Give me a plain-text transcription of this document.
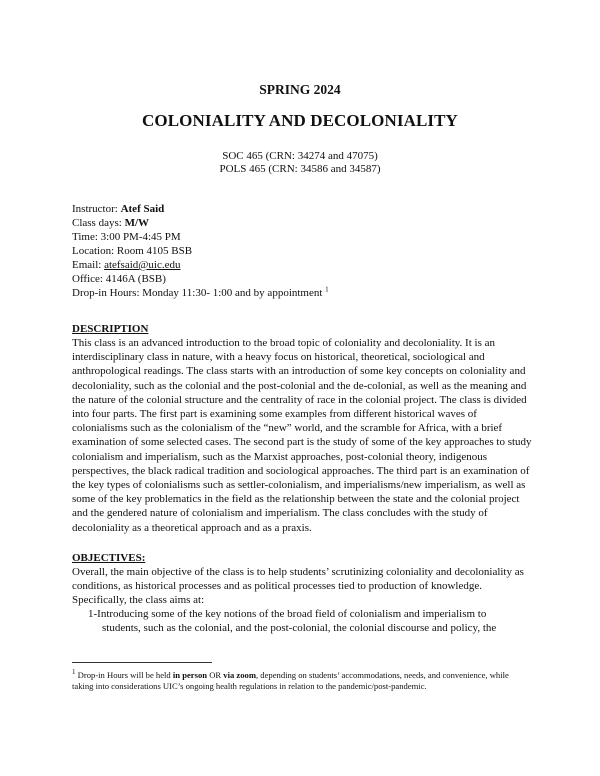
SPRING 2024
COLONIALITY AND DECOLONIALITY
SOC 465 (CRN: 34274 and 47075)
POLS 465 (CRN: 34586 and 34587)
Instructor: Atef Said
Class days: M/W
Time: 3:00 PM-4:45 PM
Location: Room 4105 BSB
Email: atefsaid@uic.edu
Office: 4146A (BSB)
Drop-in Hours: Monday 11:30- 1:00 and by appointment $^1$
DESCRIPTION
This class is an advanced introduction to the broad topic of coloniality and decoloniality. It is an interdisciplinary class in nature, with a heavy focus on historical, theoretical, sociological and anthropological readings. The class starts with an introduction of some key concepts on coloniality and decoloniality, such as the colonial and the post-colonial and the de-colonial, as well as the meaning and the nature of the colonial structure and the centrality of race in the colonial project. The class is divided into four parts. The first part is examining some examples from different historical waves of colonialisms such as the colonialism of the “new” world, and the scramble for Africa, with a brief examination of some selected cases. The second part is the study of some of the key approaches to study colonialism and imperialism, such as the Marxist approaches, post-colonial theory, indigenous perspectives, the black radical tradition and sociological approaches. The third part is an examination of the key types of colonialisms such as settler-colonialism, and imperialisms/new imperialism, as well as some of the key problematics in the field as the relationship between the state and the colonial project and the gendered nature of colonialism and imperialism. The class concludes with the study of decoloniality as a theoretical approach and as a praxis.
OBJECTIVES:
Overall, the main objective of the class is to help students’ scrutinizing coloniality and decoloniality as conditions, as historical processes and as political processes tied to production of knowledge. Specifically, the class aims at:
1-Introducing some of the key notions of the broad field of colonialism and imperialism to
students, such as the colonial, and the post-colonial, the colonial discourse and policy, the
$^1$ Drop-in Hours will be held in person OR via zoom, depending on students’ accommodations, needs, and convenience, while taking into considerations UIC’s ongoing health regulations in relation to the pandemic/post-pandemic.
